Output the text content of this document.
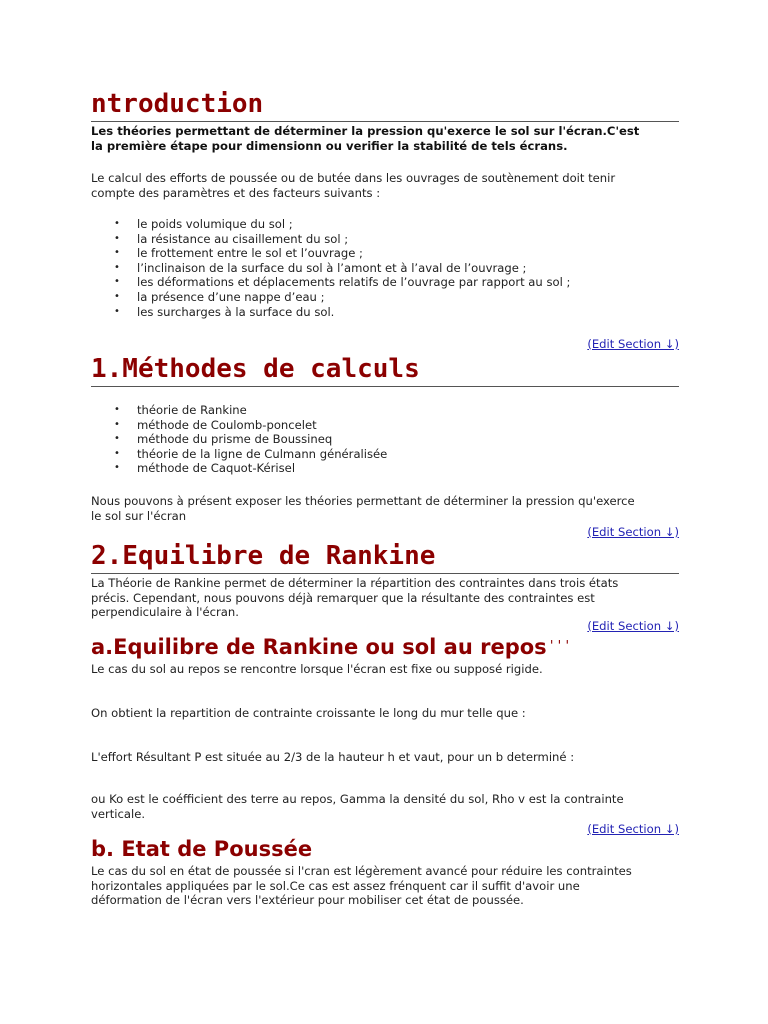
ntroduction

Les théories permettant de déterminer la pression qu'exerce le sol sur l'écran.C'est

la première étape pour dimensionn ou verifier la stabilité de tels écrans.

Le calcul des efforts de poussée ou de butée dans les ouvrages de soutènement doit tenir

compte des paramètres et des facteurs suivants :

• le poids volumique du sol ;
• la résistance au cisaillement du sol ;
• le frottement entre le sol et l’ouvrage ;
• l’inclinaison de la surface du sol à l’amont et à l’aval de l’ouvrage ;
• les déformations et déplacements relatifs de l’ouvrage par rapport au sol ;
• la présence d’une nappe d’eau ;
• les surcharges à la surface du sol.

(Edit Section ↓)

1.Méthodes de calculs
• théorie de Rankine
• méthode de Coulomb-poncelet
• méthode du prisme de Boussineq
• théorie de la ligne de Culmann généralisée
• méthode de Caquot-Kérisel

Nous pouvons à présent exposer les théories permettant de déterminer la pression qu'exerce

le sol sur l'écran

(Edit Section ↓)

2.Equilibre de Rankine

La Théorie de Rankine permet de déterminer la répartition des contraintes dans trois états

précis. Cependant, nous pouvons déjà remarquer que la résultante des contraintes est

perpendiculaire à l'écran.

(Edit Section ↓)

a.Equilibre de Rankine ou sol au repos'''

Le cas du sol au repos se rencontre lorsque l'écran est fixe ou supposé rigide.

On obtient la repartition de contrainte croissante le long du mur telle que :

L'effort Résultant P est située au 2/3 de la hauteur h et vaut, pour un b determiné :

ou Ko est le coéfficient des terre au repos, Gamma la densité du sol, Rho v est la contrainte

verticale.

(Edit Section ↓)

b. Etat de Poussée

Le cas du sol en état de poussée si l'cran est légèrement avancé pour réduire les contraintes

horizontales appliquées par le sol.Ce cas est assez frénquent car il suffit d'avoir une

déformation de l'écran vers l'extérieur pour mobiliser cet état de poussée.
